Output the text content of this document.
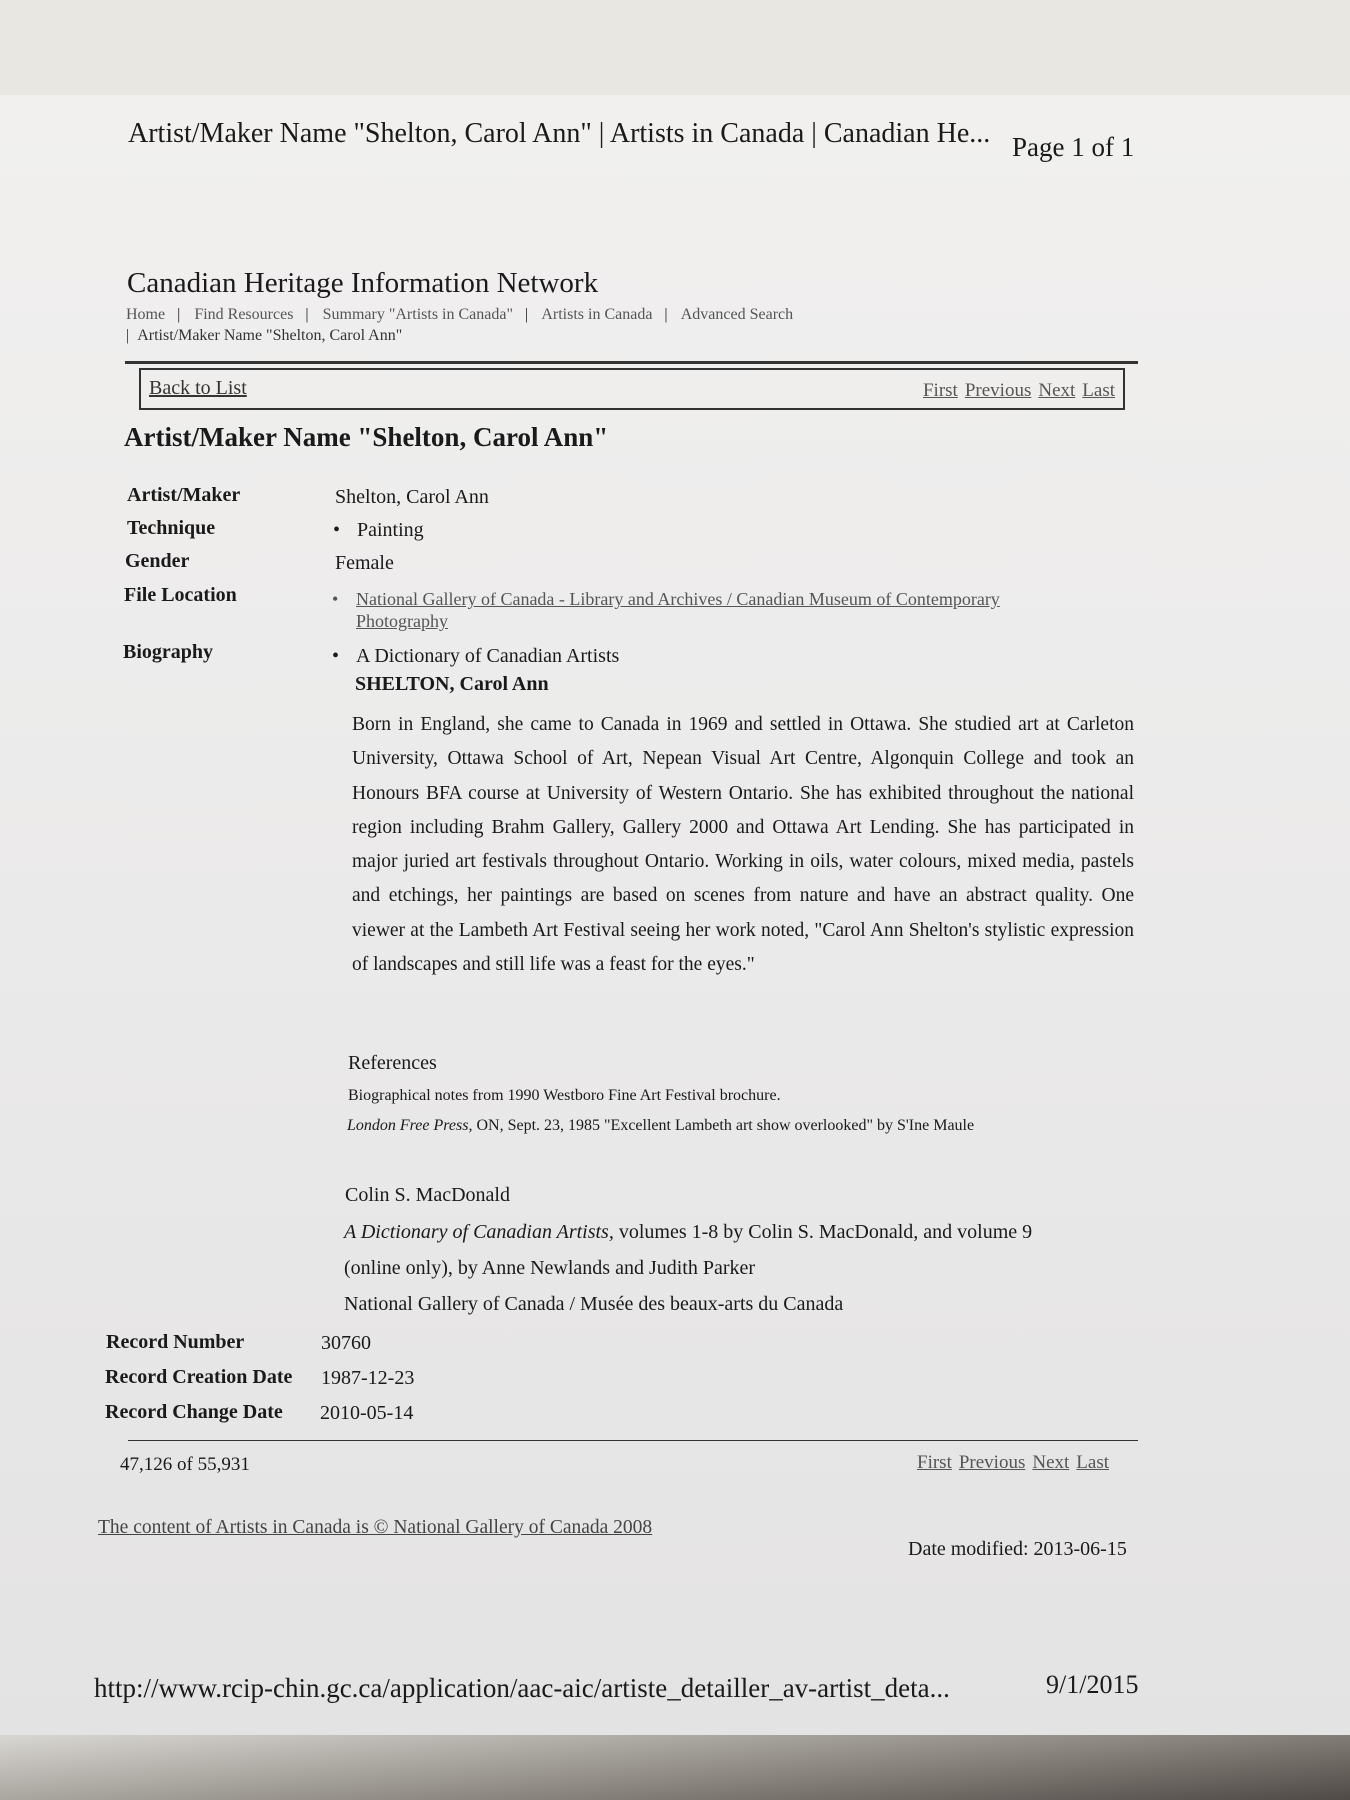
Artist/Maker Name "Shelton, Carol Ann" | Artists in Canada | Canadian He... Page 1 of 1
Canadian Heritage Information Network
Home | Find Resources | Summary "Artists in Canada" | Artists in Canada | Advanced Search
|  Artist/Maker Name "Shelton, Carol Ann"
Back to List	First Previous Next Last
Artist/Maker Name "Shelton, Carol Ann"
Artist/Maker	Shelton, Carol Ann
Technique	• Painting
Gender	Female
File Location	• National Gallery of Canada - Library and Archives / Canadian Museum of Contemporary
Photography
Biography	• A Dictionary of Canadian Artists
SHELTON, Carol Ann
Born in England, she came to Canada in 1969 and settled in Ottawa. She studied art at Carleton University, Ottawa School of Art, Nepean Visual Art Centre, Algonquin College and took an Honours BFA course at University of Western Ontario. She has exhibited throughout the national region including Brahm Gallery, Gallery 2000 and Ottawa Art Lending. She has participated in major juried art festivals throughout Ontario. Working in oils, water colours, mixed media, pastels and etchings, her paintings are based on scenes from nature and have an abstract quality. One viewer at the Lambeth Art Festival seeing her work noted, "Carol Ann Shelton's stylistic expression of landscapes and still life was a feast for the eyes."
References
Biographical notes from 1990 Westboro Fine Art Festival brochure.
London Free Press, ON, Sept. 23, 1985 "Excellent Lambeth art show overlooked" by S'Ine Maule
Colin S. MacDonald
A Dictionary of Canadian Artists, volumes 1-8 by Colin S. MacDonald, and volume 9
(online only), by Anne Newlands and Judith Parker
National Gallery of Canada / Musée des beaux-arts du Canada
Record Number	30760
Record Creation Date 1987-12-23
Record Change Date 2010-05-14
47,126 of 55,931	First Previous Next Last
The content of Artists in Canada is © National Gallery of Canada 2008
Date modified: 2013-06-15
http://www.rcip-chin.gc.ca/application/aac-aic/artiste_detailler_av-artist_deta...	9/1/2015
